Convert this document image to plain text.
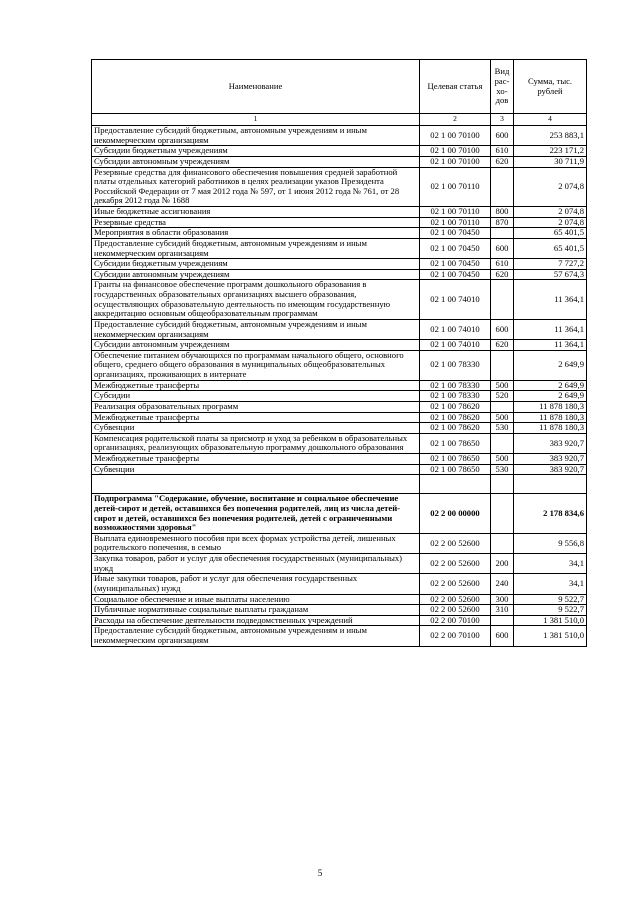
Наименование	Целевая статья	Вид рас-хо-дов	Сумма, тыс. рублей
1	2	3	4
Предоставление субсидий бюджетным, автономным учреждениям и иным некоммерческим организациям	02 1 00 70100	600	253 883,1
Субсидии бюджетным учреждениям	02 1 00 70100	610	223 171,2
Субсидии автономным учреждениям	02 1 00 70100	620	30 711,9
Резервные средства для финансового обеспечения повышения средней заработной платы отдельных категорий работников в целях реализации указов Президента Российской Федерации от 7 мая 2012 года № 597, от 1 июня 2012 года № 761, от 28 декабря 2012 года № 1688	02 1 00 70110		2 074,8
Иные бюджетные ассигнования	02 1 00 70110	800	2 074,8
Резервные средства	02 1 00 70110	870	2 074,8
Мероприятия в области образования	02 1 00 70450		65 401,5
Предоставление субсидий бюджетным, автономным учреждениям и иным некоммерческим организациям	02 1 00 70450	600	65 401,5
Субсидии бюджетным учреждениям	02 1 00 70450	610	7 727,2
Субсидии автономным учреждениям	02 1 00 70450	620	57 674,3
Гранты на финансовое обеспечение программ дошкольного образования в государственных образовательных организациях высшего образования, осуществляющих образовательную деятельность по имеющим государственную аккредитацию основным общеобразовательным программам	02 1 00 74010		11 364,1
Предоставление субсидий бюджетным, автономным учреждениям и иным некоммерческим организациям	02 1 00 74010	600	11 364,1
Субсидии автономным учреждениям	02 1 00 74010	620	11 364,1
Обеспечение питанием обучающихся по программам начального общего, основного общего, среднего общего образования в муниципальных общеобразовательных организациях, проживающих в интернате	02 1 00 78330		2 649,9
Межбюджетные трансферты	02 1 00 78330	500	2 649,9
Субсидии	02 1 00 78330	520	2 649,9
Реализация образовательных программ	02 1 00 78620		11 878 180,3
Межбюджетные трансферты	02 1 00 78620	500	11 878 180,3
Субвенции	02 1 00 78620	530	11 878 180,3
Компенсация родительской платы за присмотр и уход за ребенком в образовательных организациях, реализующих образовательную программу дошкольного образования	02 1 00 78650		383 920,7
Межбюджетные трансферты	02 1 00 78650	500	383 920,7
Субвенции	02 1 00 78650	530	383 920,7

Подпрограмма "Содержание, обучение, воспитание и социальное обеспечение детей-сирот и детей, оставшихся без попечения родителей, лиц из числа детей-сирот и детей, оставшихся без попечения родителей, детей с ограниченными возможностями здоровья"	02 2 00 00000		2 178 834,6
Выплата единовременного пособия при всех формах устройства детей, лишенных родительского попечения, в семью	02 2 00 52600		9 556,8
Закупка товаров, работ и услуг для обеспечения государственных (муниципальных) нужд	02 2 00 52600	200	34,1
Иные закупки товаров, работ и услуг для обеспечения государственных (муниципальных) нужд	02 2 00 52600	240	34,1
Социальное обеспечение и иные выплаты населению	02 2 00 52600	300	9 522,7
Публичные нормативные социальные выплаты гражданам	02 2 00 52600	310	9 522,7
Расходы на обеспечение деятельности подведомственных учреждений	02 2 00 70100		1 381 510,0
Предоставление субсидий бюджетным, автономным учреждениям и иным некоммерческим организациям	02 2 00 70100	600	1 381 510,0
5
